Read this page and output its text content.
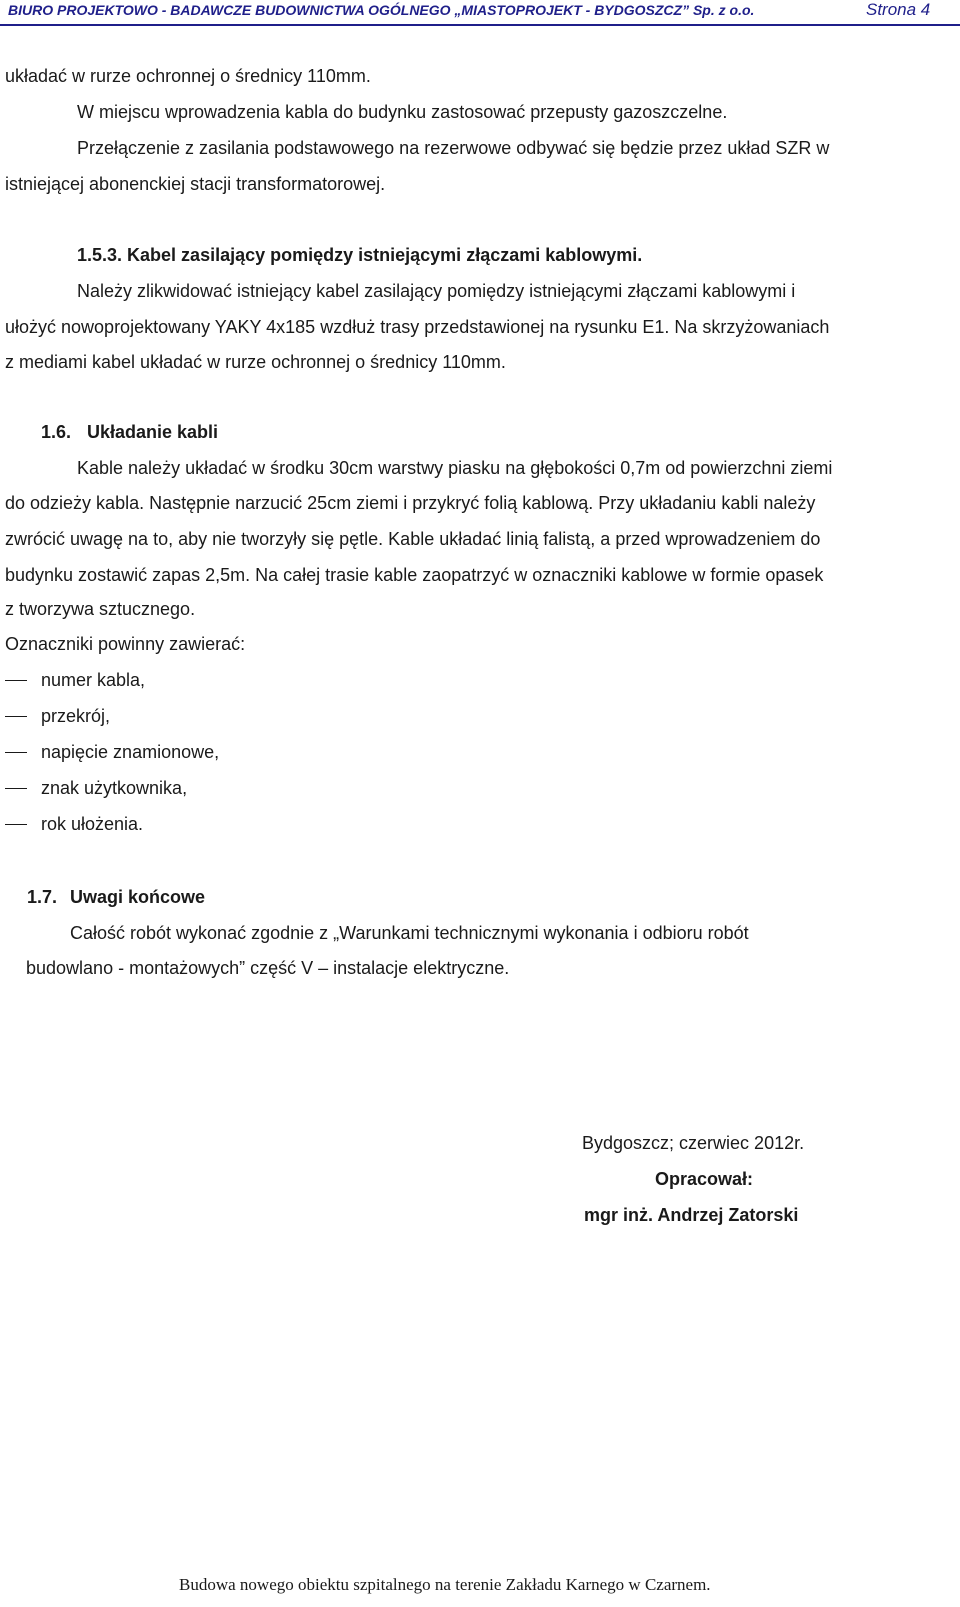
BIURO PROJEKTOWO - BADAWCZE BUDOWNICTWA OGÓLNEGO „MIASTOPROJEKT - BYDGOSZCZ” Sp. z o.o.	Strona 4
układać w rurze ochronnej o średnicy 110mm.
W miejscu wprowadzenia kabla do budynku zastosować przepusty gazoszczelne.
Przełączenie z zasilania podstawowego na rezerwowe odbywać się będzie przez układ SZR w
istniejącej abonenckiej stacji transformatorowej.
1.5.3. Kabel zasilający pomiędzy istniejącymi złączami kablowymi.
Należy zlikwidować istniejący kabel zasilający pomiędzy istniejącymi złączami kablowymi i
ułożyć nowoprojektowany YAKY 4x185 wzdłuż trasy przedstawionej na rysunku E1. Na skrzyżowaniach
z mediami kabel układać w rurze ochronnej o średnicy 110mm.
1.6. Układanie kabli
Kable należy układać w środku 30cm warstwy piasku na głębokości 0,7m od powierzchni ziemi
do odzieży kabla. Następnie narzucić 25cm ziemi i przykryć folią kablową. Przy układaniu kabli należy
zwrócić uwagę na to, aby nie tworzyły się pętle. Kable układać linią falistą, a przed wprowadzeniem do
budynku zostawić zapas 2,5m. Na całej trasie kable zaopatrzyć w oznaczniki kablowe w formie opasek
z tworzywa sztucznego.
Oznaczniki powinny zawierać:
numer kabla,
przekrój,
napięcie znamionowe,
znak użytkownika,
rok ułożenia.
1.7. Uwagi końcowe
Całość robót wykonać zgodnie z „Warunkami technicznymi wykonania i odbioru robót
budowlano - montażowych” część V – instalacje elektryczne.
Bydgoszcz; czerwiec 2012r.
Opracował:
mgr inż. Andrzej Zatorski
Budowa nowego obiektu szpitalnego na terenie Zakładu Karnego w Czarnem.
